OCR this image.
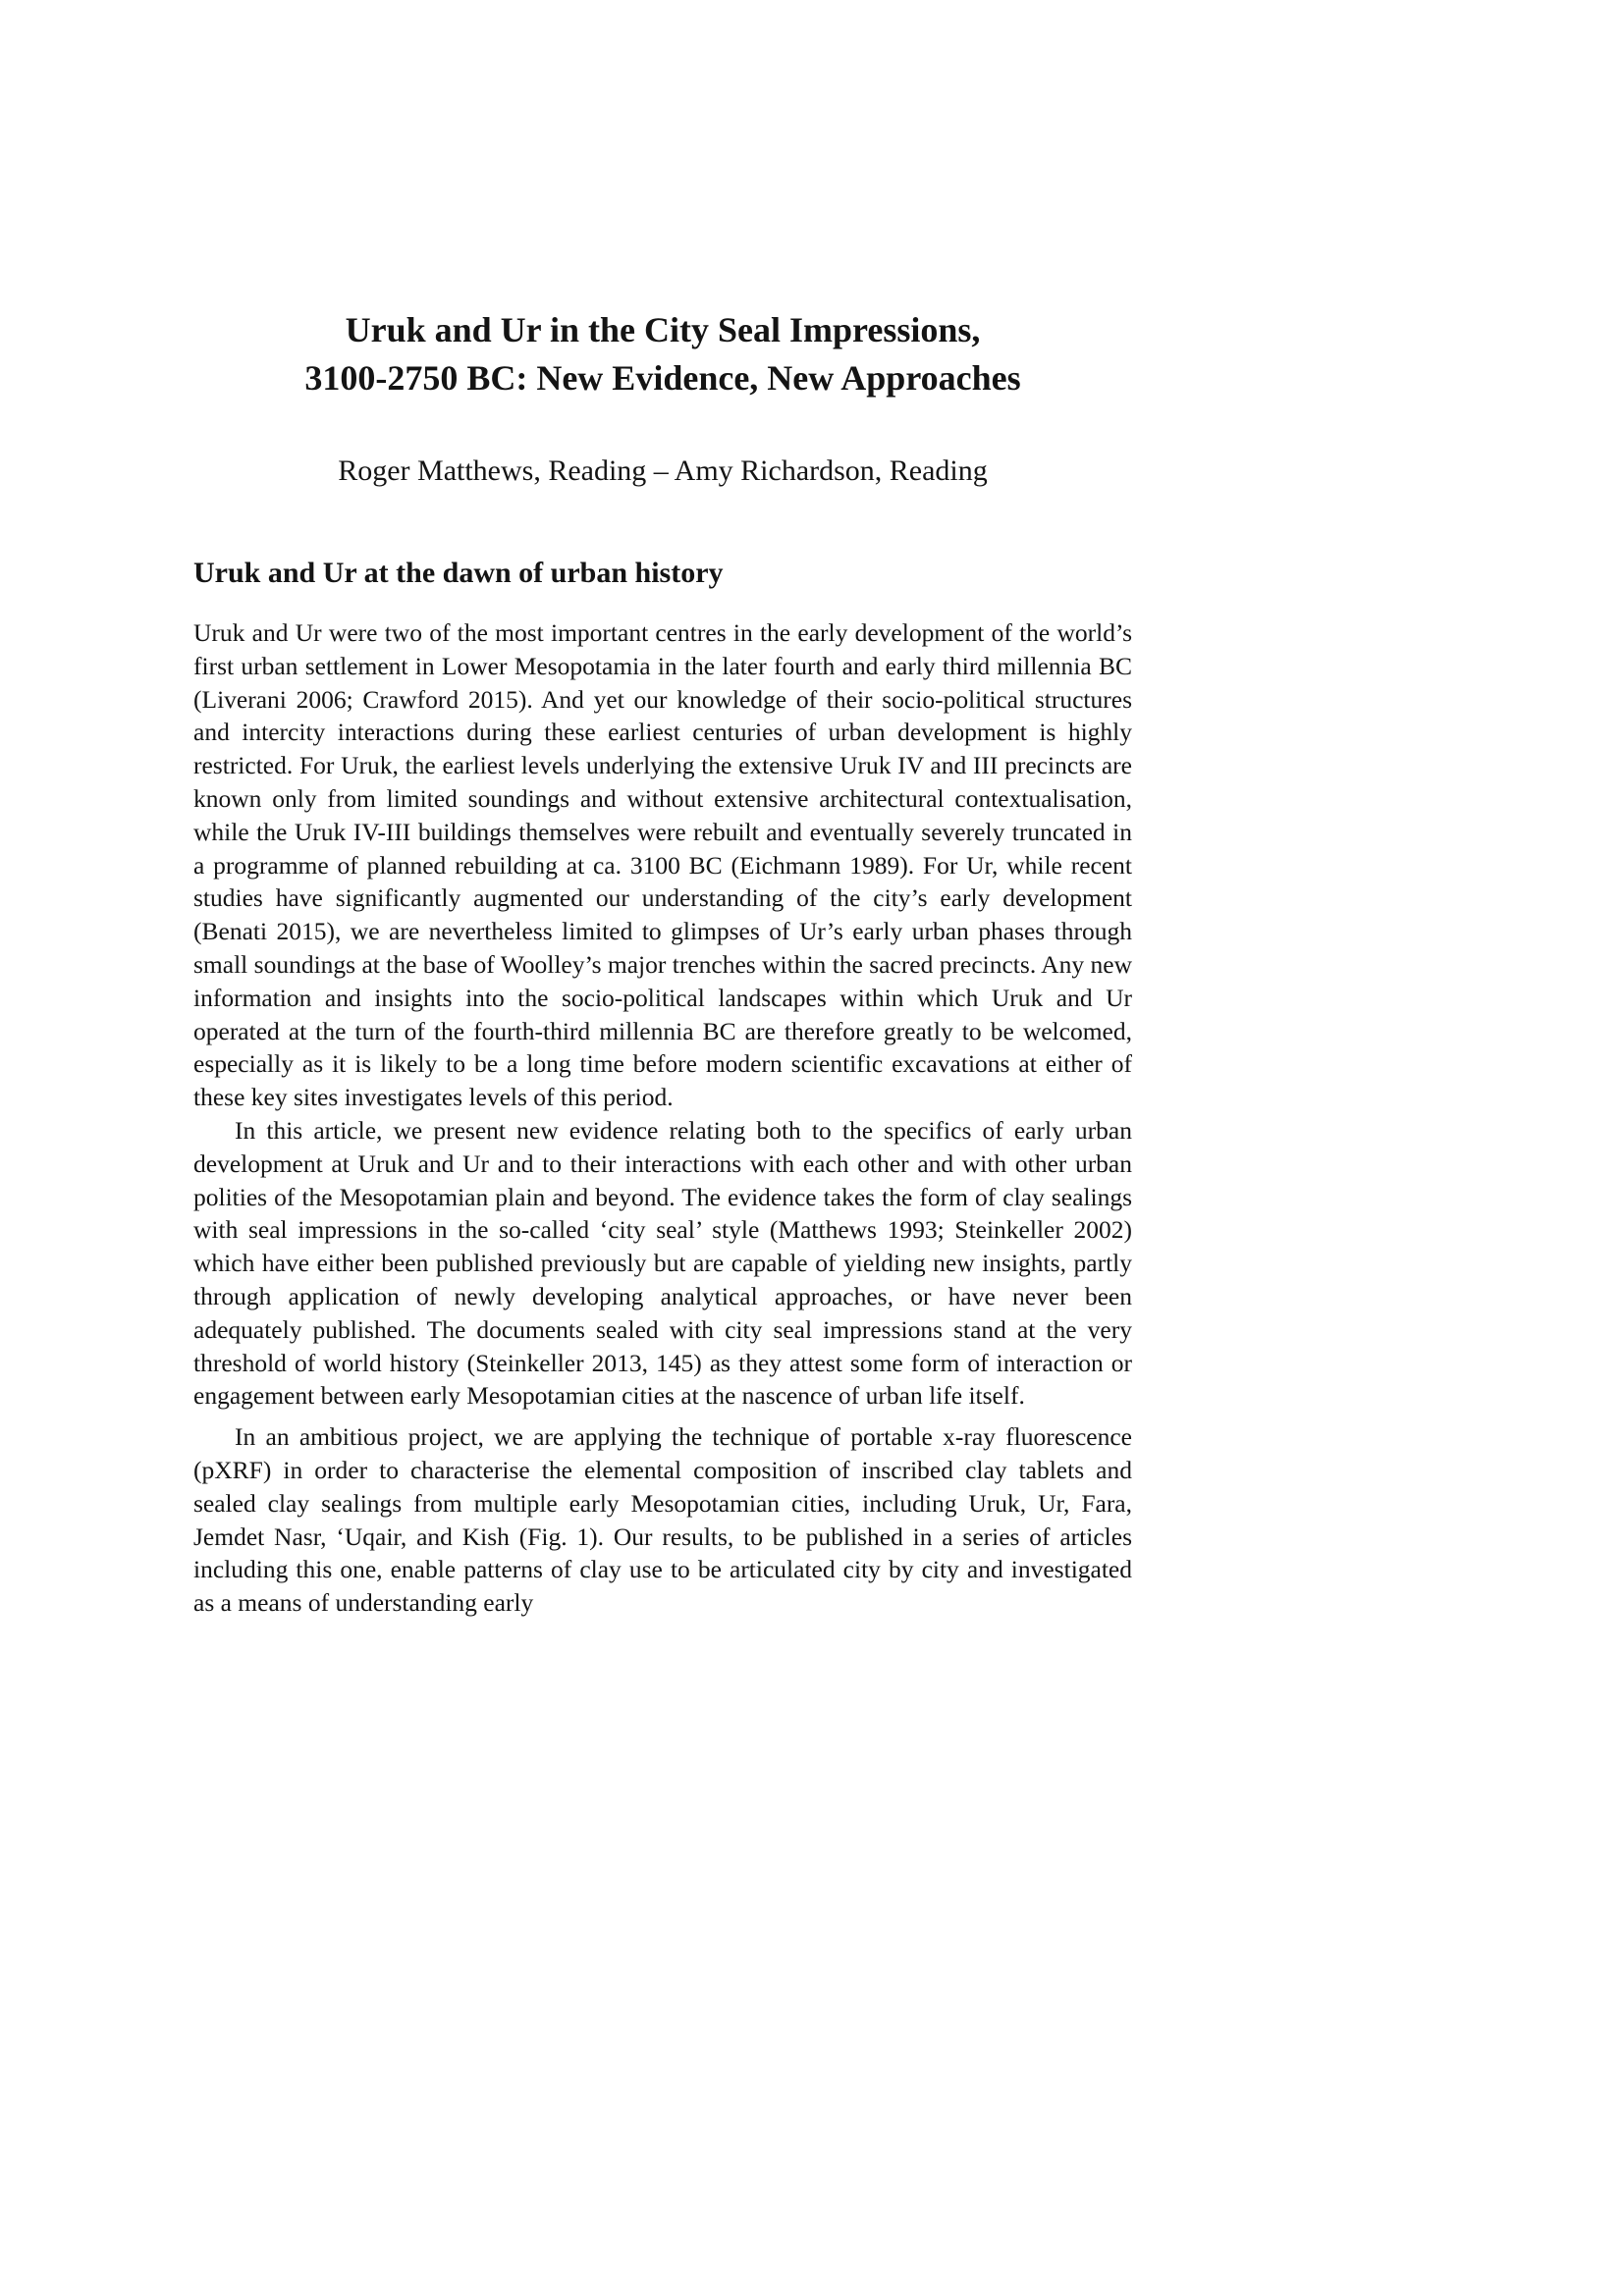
Uruk and Ur in the City Seal Impressions,
3100-2750 BC: New Evidence, New Approaches

Roger Matthews, Reading – Amy Richardson, Reading

Uruk and Ur at the dawn of urban history

Uruk and Ur were two of the most important centres in the early development of the world’s first urban settlement in Lower Mesopotamia in the later fourth and early third millennia BC (Liverani 2006; Crawford 2015). And yet our knowledge of their socio-political structures and intercity interactions during these earliest centuries of urban development is highly restricted. For Uruk, the earliest levels underlying the extensive Uruk IV and III precincts are known only from limited soundings and without extensive architectural contextualisation, while the Uruk IV-III buildings themselves were rebuilt and eventually severely truncated in a programme of planned rebuilding at ca. 3100 BC (Eichmann 1989). For Ur, while recent studies have significantly augmented our understanding of the city’s early development (Benati 2015), we are nevertheless limited to glimpses of Ur’s early urban phases through small soundings at the base of Woolley’s major trenches within the sacred precincts. Any new information and insights into the socio-political landscapes within which Uruk and Ur operated at the turn of the fourth-third millennia BC are therefore greatly to be welcomed, especially as it is likely to be a long time before modern scientific excavations at either of these key sites investigates levels of this period.

In this article, we present new evidence relating both to the specifics of early urban development at Uruk and Ur and to their interactions with each other and with other urban polities of the Mesopotamian plain and beyond. The evidence takes the form of clay sealings with seal impressions in the so-called ‘city seal’ style (Matthews 1993; Steinkeller 2002) which have either been published previously but are capable of yielding new insights, partly through application of newly developing analytical approaches, or have never been adequately published. The documents sealed with city seal impressions stand at the very threshold of world history (Steinkeller 2013, 145) as they attest some form of interaction or engagement between early Mesopotamian cities at the nascence of urban life itself.

In an ambitious project, we are applying the technique of portable x-ray fluorescence (pXRF) in order to characterise the elemental composition of inscribed clay tablets and sealed clay sealings from multiple early Mesopotamian cities, including Uruk, Ur, Fara, Jemdet Nasr, ‘Uqair, and Kish (Fig. 1). Our results, to be published in a series of articles including this one, enable patterns of clay use to be articulated city by city and investigated as a means of understanding early
